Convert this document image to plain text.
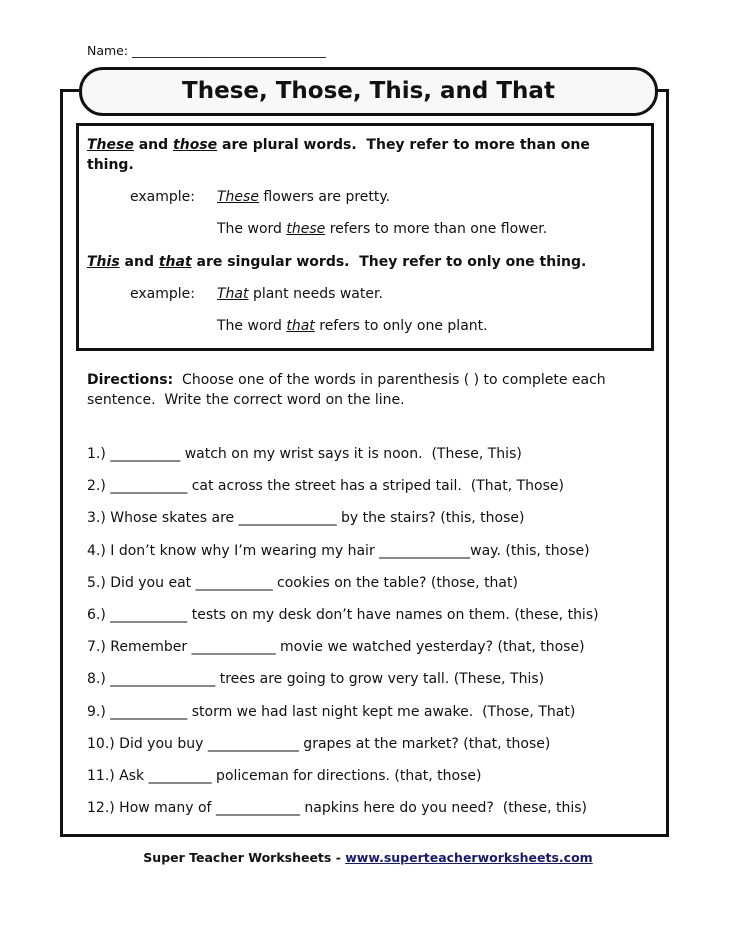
Name: _______________________________
These, Those, This, and That
These and those are plural words.  They refer to more than one
thing.
example: These flowers are pretty.
The word these refers to more than one flower.
This and that are singular words.  They refer to only one thing.
example: That plant needs water.
The word that refers to only one plant.
Directions:  Choose one of the words in parenthesis ( ) to complete each
sentence.  Write the correct word on the line.
1.) __________ watch on my wrist says it is noon.  (These, This)
2.) ___________ cat across the street has a striped tail.  (That, Those)
3.) Whose skates are ______________ by the stairs? (this, those)
4.) I don’t know why I’m wearing my hair _____________way. (this, those)
5.) Did you eat ___________ cookies on the table? (those, that)
6.) ___________ tests on my desk don’t have names on them. (these, this)
7.) Remember ____________ movie we watched yesterday? (that, those)
8.) _______________ trees are going to grow very tall. (These, This)
9.) ___________ storm we had last night kept me awake.  (Those, That)
10.) Did you buy _____________ grapes at the market? (that, those)
11.) Ask _________ policeman for directions. (that, those)
12.) How many of ____________ napkins here do you need?  (these, this)
Super Teacher Worksheets - www.superteacherworksheets.com
